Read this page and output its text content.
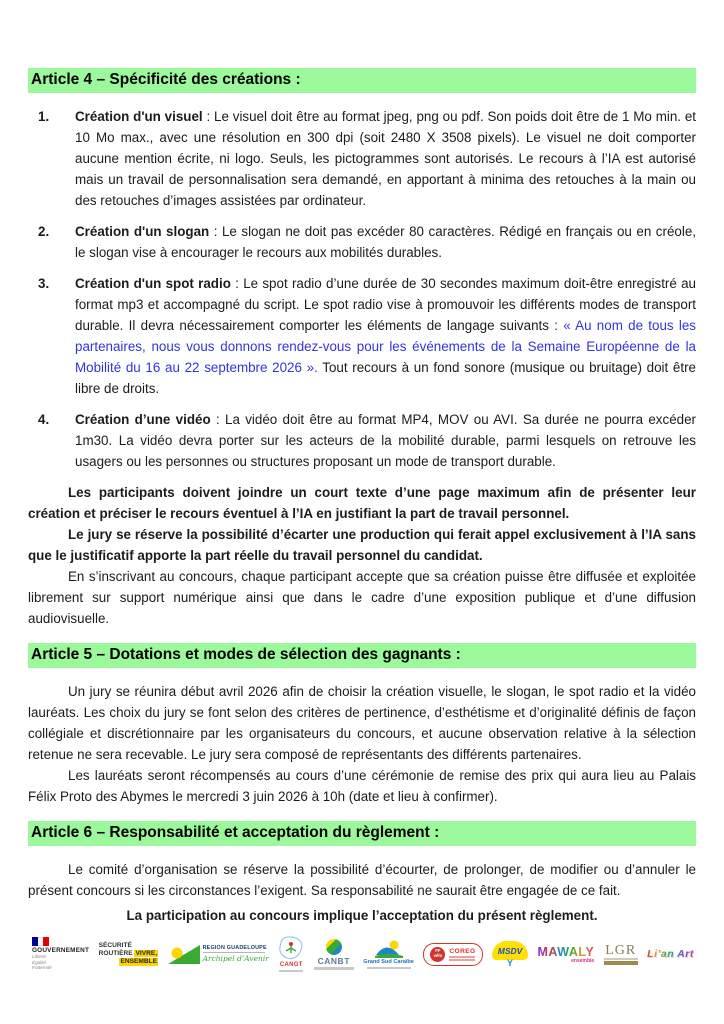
Article 4 – Spécificité des créations :
1.	Création d'un visuel : Le visuel doit être au format jpeg, png ou pdf. Son poids doit être de 1 Mo min. et 10 Mo max., avec une résolution en 300 dpi (soit 2480 X 3508 pixels). Le visuel ne doit comporter aucune mention écrite, ni logo. Seuls, les pictogrammes sont autorisés. Le recours à l’IA est autorisé mais un travail de personnalisation sera demandé, en apportant à minima des retouches à la main ou des retouches d’images assistées par ordinateur.

2.	Création d'un slogan : Le slogan ne doit pas excéder 80 caractères. Rédigé en français ou en créole, le slogan vise à encourager le recours aux mobilités durables.

3.	Création d'un spot radio : Le spot radio d’une durée de 30 secondes maximum doit-être enregistré au format mp3 et accompagné du script. Le spot radio vise à promouvoir les différents modes de transport durable. Il devra nécessairement comporter les éléments de langage suivants : « Au nom de tous les partenaires, nous vous donnons rendez-vous pour les événements de la Semaine Européenne de la Mobilité du 16 au 22 septembre 2026 ». Tout recours à un fond sonore (musique ou bruitage) doit être libre de droits.

4.	Création d’une vidéo : La vidéo doit être au format MP4, MOV ou AVI. Sa durée ne pourra excéder 1m30. La vidéo devra porter sur les acteurs de la mobilité durable, parmi lesquels on retrouve les usagers ou les personnes ou structures proposant un mode de transport durable.

Les participants doivent joindre un court texte d’une page maximum afin de présenter leur création et préciser le recours éventuel à l’IA en justifiant la part de travail personnel.

Le jury se réserve la possibilité d’écarter une production qui ferait appel exclusivement à l’IA sans que le justificatif apporte la part réelle du travail personnel du candidat.

En s’inscrivant au concours, chaque participant accepte que sa création puisse être diffusée et exploitée librement sur support numérique ainsi que dans le cadre d’une exposition publique et d’une diffusion audiovisuelle.

Article 5 – Dotations et modes de sélection des gagnants :

Un jury se réunira début avril 2026 afin de choisir la création visuelle, le slogan, le spot radio et la vidéo lauréats. Les choix du jury se font selon des critères de pertinence, d’esthétisme et d’originalité définis de façon collégiale et discrétionnaire par les organisateurs du concours, et aucune observation relative à la sélection retenue ne sera recevable. Le jury sera composé de représentants des différents partenaires.

Les lauréats seront récompensés au cours d’une cérémonie de remise des prix qui aura lieu au Palais Félix Proto des Abymes le mercredi 3 juin 2026 à 10h (date et lieu à confirmer).

Article 6 – Responsabilité et acceptation du règlement :

Le comité d’organisation se réserve la possibilité d’écourter, de prolonger, de modifier ou d’annuler le présent concours si les circonstances l’exigent. Sa responsabilité ne saurait être engagée de ce fait.

La participation au concours implique l’acceptation du présent règlement.

GOUVERNEMENT
Liberté
Égalité
Fraternité
SÉCURITÉ
ROUTIÈRE VIVRE,
ENSEMBLE
REGION GUADELOUPE
Archipel d’Avenir
CANGT CANBT Grand Sud Caraïbe
FF
vélo
COREG	MSDV
Y
MAWALY
ensemble
LGR Li’an Art
